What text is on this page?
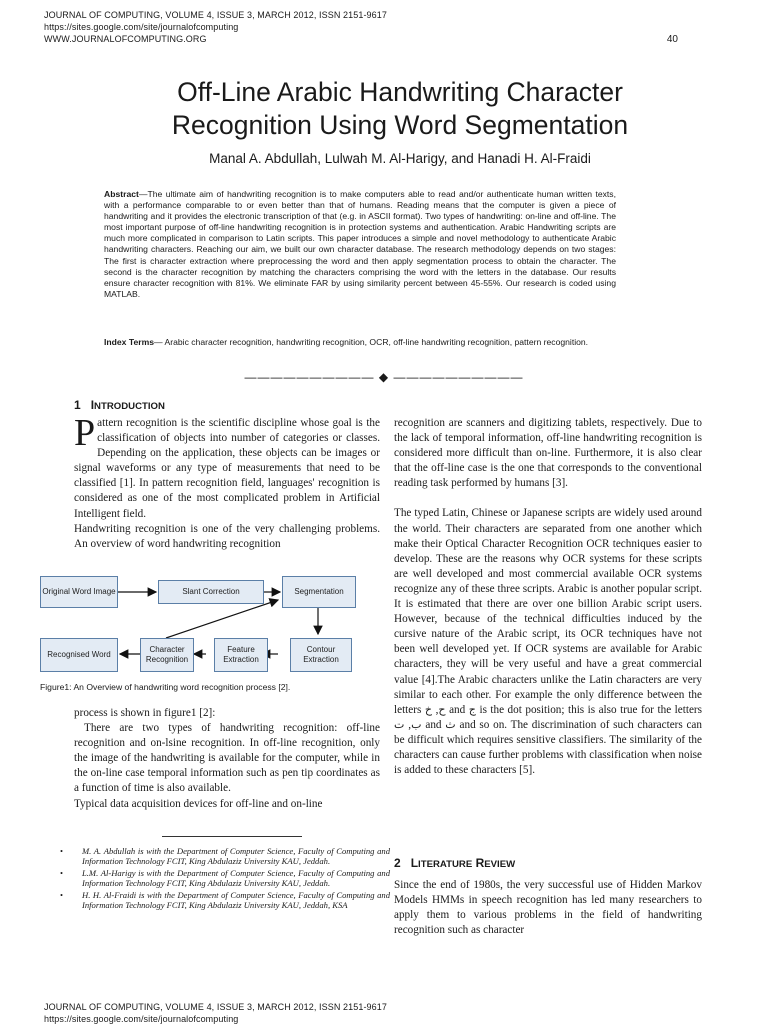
JOURNAL OF COMPUTING, VOLUME 4, ISSUE 3, MARCH 2012, ISSN 2151-9617
https://sites.google.com/site/journalofcomputing
WWW.JOURNALOFCOMPUTING.ORG	40
Off-Line Arabic Handwriting Character
Recognition Using Word Segmentation
Manal A. Abdullah, Lulwah M. Al-Harigy, and Hanadi H. Al-Fraidi
Abstract—The ultimate aim of handwriting recognition is to make computers able to read and/or authenticate human written texts, with a performance comparable to or even better than that of humans. Reading means that the computer is given a piece of handwriting and it provides the electronic transcription of that (e.g. in ASCII format). Two types of handwriting: on-line and off-line. The most important purpose of off-line handwriting recognition is in protection systems and authentication. Arabic Handwriting scripts are much more complicated in comparison to Latin scripts. This paper introduces a simple and novel methodology to authenticate Arabic handwriting characters. Reaching our aim, we built our own character database. The research methodology depends on two stages: The first is character extraction where preprocessing the word and then apply segmentation process to obtain the character. The second is the character recognition by matching the characters comprising the word with the letters in the database. Our results ensure character recognition with 81%. We eliminate FAR by using similarity percent between 45-55%. Our research is coded using MATLAB.
Index Terms— Arabic character recognition, handwriting recognition, OCR, off-line handwriting recognition, pattern recognition.
―――――――――― ◆ ――――――――――
1 INTRODUCTION

Pattern recognition is the scientific discipline whose goal is the classification of objects into number of categories or classes. Depending on the application, these objects can be images or signal waveforms or any type of measurements that need to be classified [1]. In pattern recognition field, languages' recognition is considered as one of the most complicated problem in Artificial Intelligent field.

Handwriting recognition is one of the very challenging problems. An overview of word handwriting recognition

Original Word Image	Slant Correction	Segmentation
Recognised Word
Character Recognition
Feature Extraction
Contour Extraction
Figure1: An Overview of handwriting word recognition process [2].

process is shown in figure1 [2]:

There are two types of handwriting recognition: off-line recognition and on-lsine recognition. In off-line recognition, only the image of the handwriting is available for the computer, while in the on-line case temporal information such as pen tip coordinates as a function of time is also available.

Typical data acquisition devices for off-line and on-line

• M. A. Abdullah is with the Department of Computer Science, Faculty of Computing and Information Technology FCIT, King Abdulaziz University KAU, Jeddah.
• L.M. Al-Harigy is with the Department of Computer Science, Faculty of Computing and Information Technology FCIT, King Abdulaziz University KAU, Jeddah.
• H. H. Al-Fraidi is with the Department of Computer Science, Faculty of Computing and Information Technology FCIT, King Abdulaziz University KAU, Jeddah, KSA

recognition are scanners and digitizing tablets, respectively. Due to the lack of temporal information, off-line handwriting recognition is considered more difficult than on-line. Furthermore, it is also clear that the off-line case is the one that corresponds to the conventional reading task performed by humans [3].

The typed Latin, Chinese or Japanese scripts are widely used around the world. Their characters are separated from one another which make their Optical Character Recognition OCR techniques easier to develop. These are the reasons why OCR systems for these scripts are well developed and most commercial available OCR systems recognize any of these three scripts. Arabic is another popular script. It is estimated that there are over one billion Arabic script users. However, because of the technical difficulties induced by the cursive nature of the Arabic script, its OCR techniques have not been well developed yet. If OCR systems are available for Arabic characters, they will be very useful and have a great commercial value [4].The Arabic characters unlike the Latin characters are very similar to each other. For example the only difference between the letters ح, خ and ج is the dot position; this is also true for the letters ب, ت and ث and so on. The discrimination of such characters can be difficult which requires sensitive classifiers. The similarity of the characters can cause further problems with classification when noise is added to these characters [5].

2 LITERATURE REVIEW

Since the end of 1980s, the very successful use of Hidden Markov Models HMMs in speech recognition has led many researchers to apply them to various problems in the field of handwriting recognition such as character

JOURNAL OF COMPUTING, VOLUME 4, ISSUE 3, MARCH 2012, ISSN 2151-9617
https://sites.google.com/site/journalofcomputing
